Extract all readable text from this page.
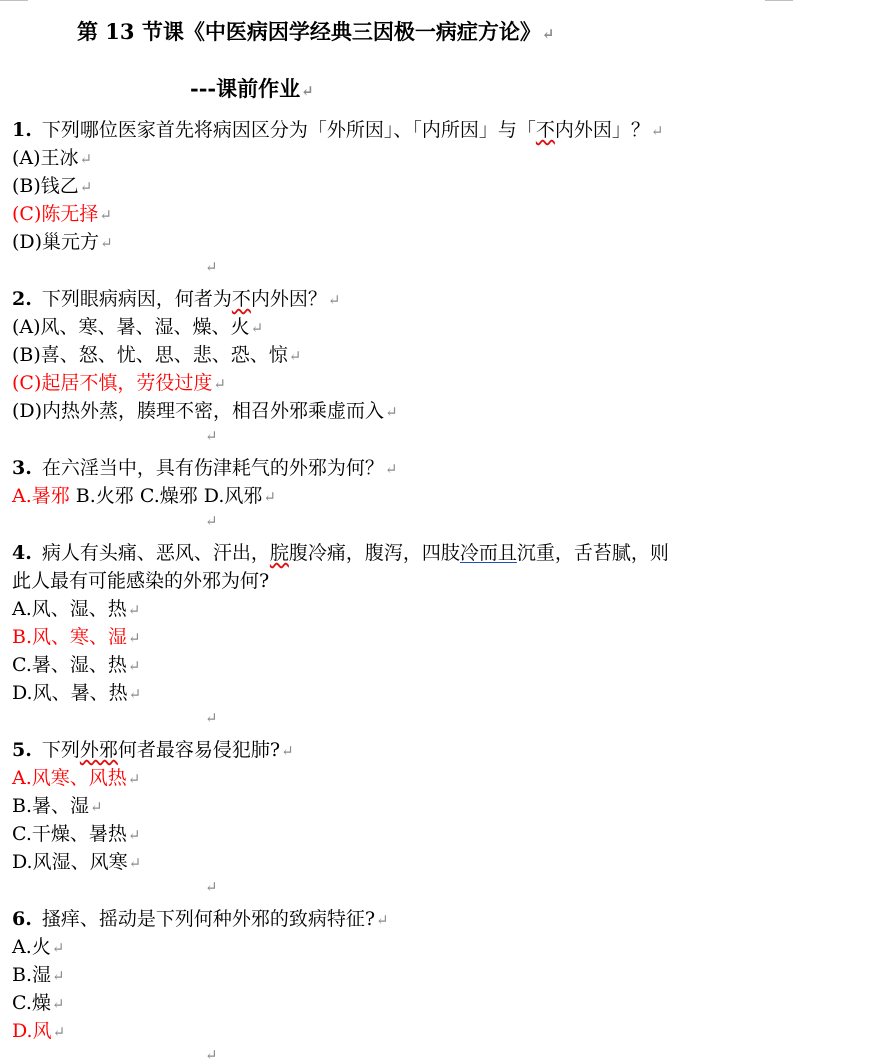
第 13 节课《中医病因学经典三因极一病症方论》↵
---课前作业↵
1. 下列哪位医家首先将病因区分为「外所因」、「内所因」与「不内外因」？↵
(A)王冰↵
(B)钱乙↵
(C)陈无择↵
(D)巢元方↵
↵
2. 下列眼病病因，何者为不内外因？↵
(A)风、寒、暑、湿、燥、火↵
(B)喜、怒、忧、思、悲、恐、惊↵
(C)起居不慎，劳役过度↵
(D)内热外蒸，腠理不密，相召外邪乘虚而入↵
↵
3. 在六淫当中，具有伤津耗气的外邪为何？↵
A.暑邪 B.火邪 C.燥邪 D.风邪↵
↵
4. 病人有头痛、恶风、汗出，脘腹冷痛，腹泻，四肢冷而且沉重，舌苔腻，则
此人最有可能感染的外邪为何?
A.风、湿、热↵
B.风、寒、湿↵
C.暑、湿、热↵
D.风、暑、热↵
↵
5. 下列外邪何者最容易侵犯肺?↵
A.风寒、风热↵
B.暑、湿↵
C.干燥、暑热↵
D.风湿、风寒↵
↵
6. 搔痒、摇动是下列何种外邪的致病特征?↵
A.火↵
B.湿↵
C.燥↵
D.风↵
↵
